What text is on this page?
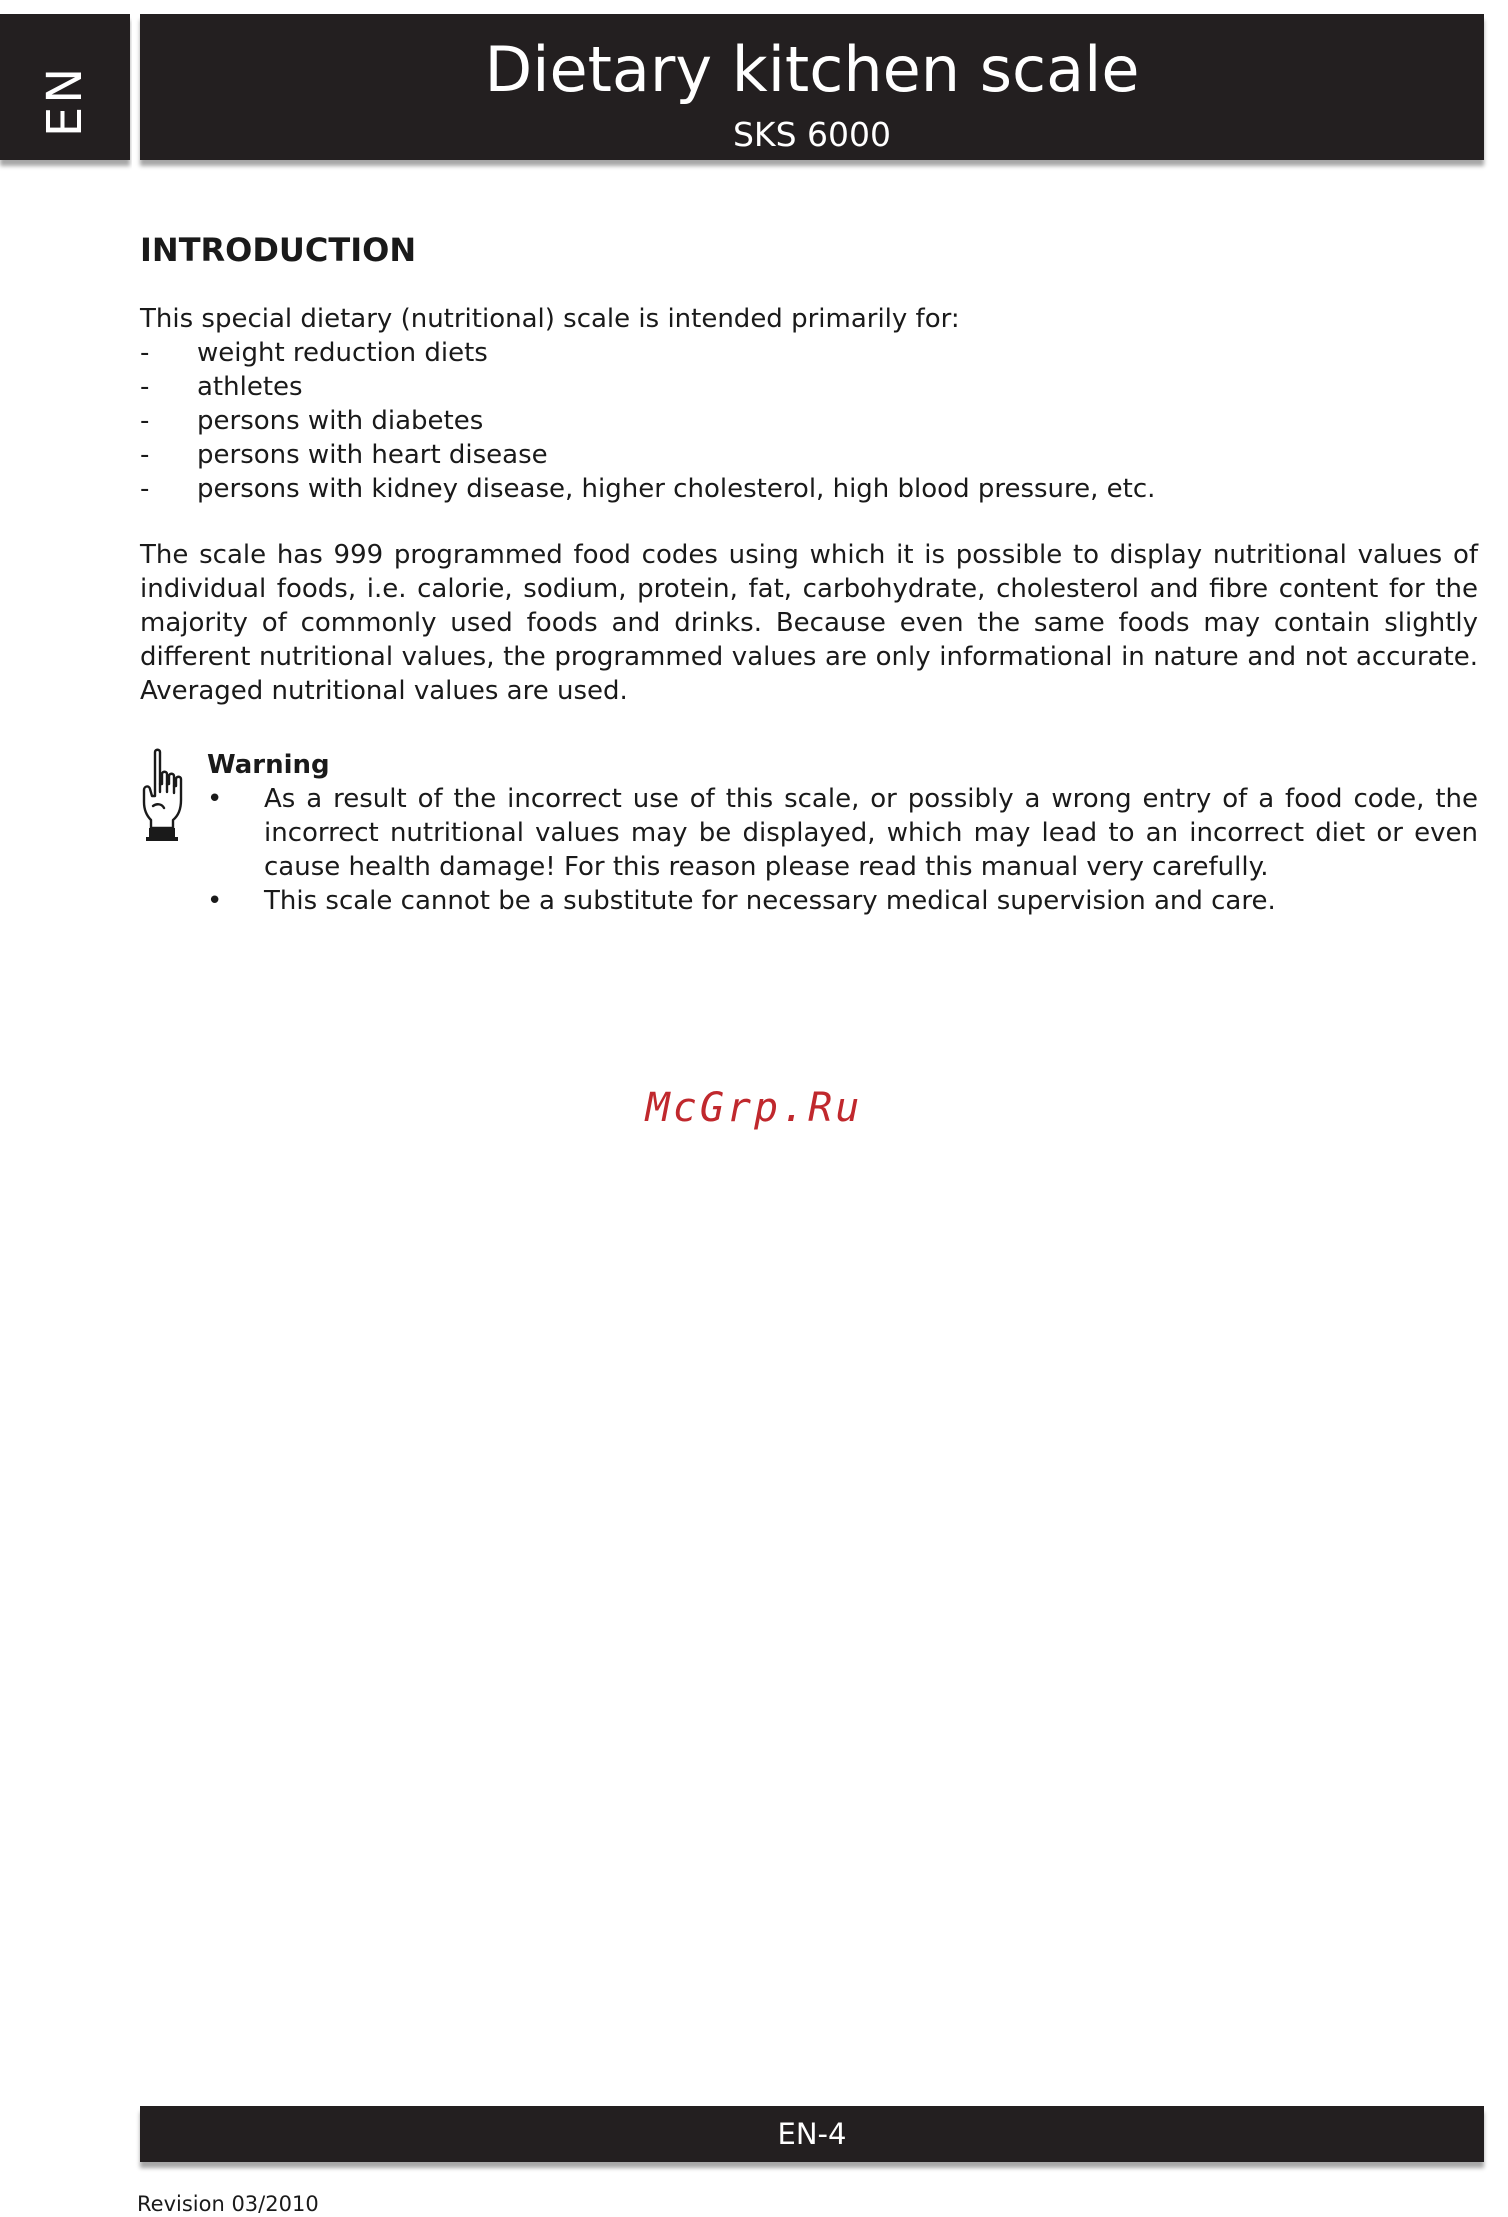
EN	Dietary kitchen scale
SKS 6000
INTRODUCTION

This special dietary (nutritional) scale is intended primarily for:

-	weight reduction diets
-	athletes
-	persons with diabetes
-	persons with heart disease
-	persons with kidney disease, higher cholesterol, high blood pressure, etc.

The scale has 999 programmed food codes using which it is possible to display nutritional values of individual foods, i.e. calorie, sodium, protein, fat, carbohydrate, cholesterol and fibre content for the majority of commonly used foods and drinks. Because even the same foods may contain slightly different nutritional values, the programmed values are only informational in nature and not accurate. Averaged nutritional values are used.

Warning

•	As a result of the incorrect use of this scale, or possibly a wrong entry of a food code, the incorrect nutritional values may be displayed, which may lead to an incorrect diet or even cause health damage! For this reason please read this manual very carefully.
•	This scale cannot be a substitute for necessary medical supervision and care.
McGrp.Ru
EN-4
Revision 03/2010
